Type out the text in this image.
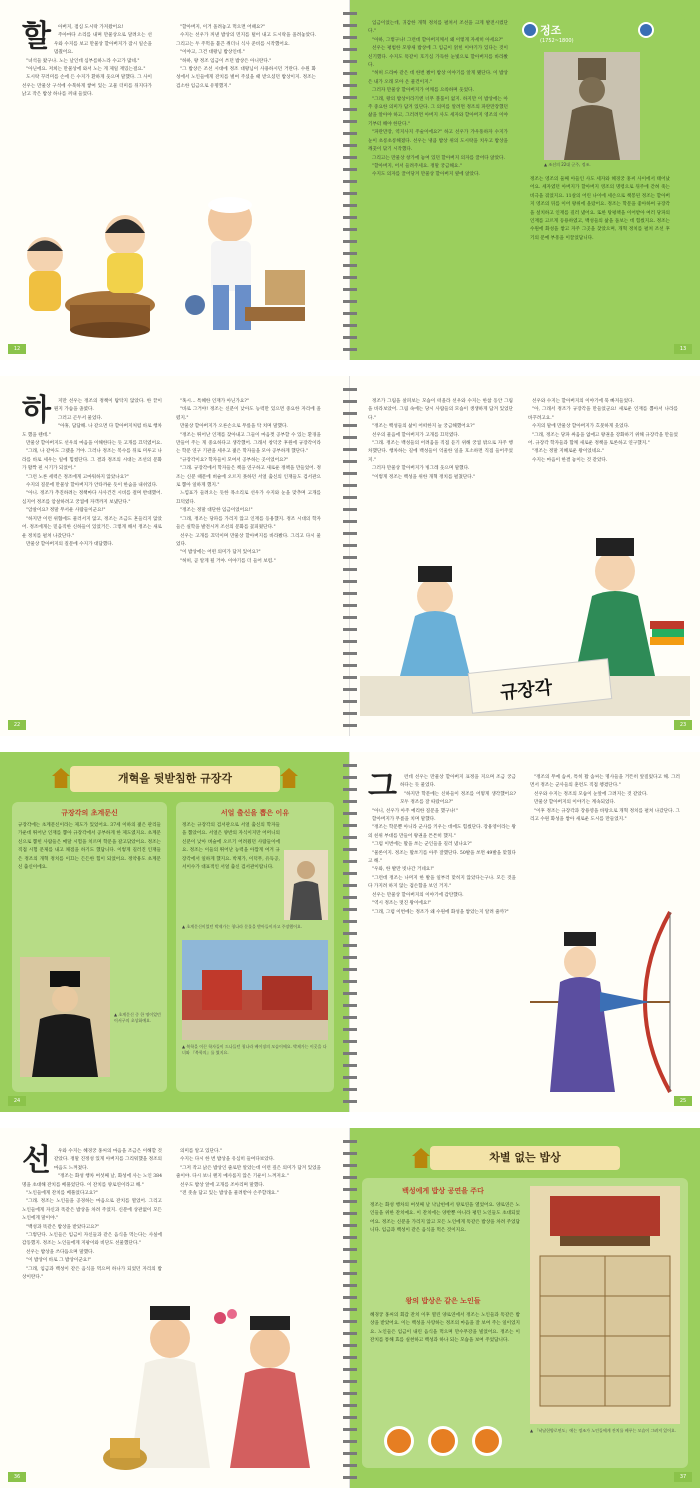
할	아버지, 점심 도시락 가져왔어요!

주아마다 소리를 내며 만물상으로 달려오는 선우와 수지를 보고 만물상 할아버지가 잠시 일손을 멈췄어요.

"녀석들 왔구나. 노는 날인데 심부름하느라 수고가 많네."

"아닌에요. 저희는 만물상에 와서 노는 게 제일 재밌는걸요."

도시락 꾸러미를 손에 든 수지가 환하게 웃으며 말했다. 그 사이 선우는 만물상 구석에 수북하게 쌓여 있는 고물 더미를 뒤지다가 낡고 작은 밥상 하나를 꺼내 들었다.

"할아버지, 이거 올려놓고 먹으면 어때요?"

수지는 선우가 꺼낸 밥상의 먼지를 털어 내고 도시락을 올려놓았다. 그리고는 두 주먹을 불끈 쥐더니 식사 준비를 시작했어요.

"이야고, 그건 대왕님 밥상인데."

"하하, 왕 정조 임금이 쓰던 밥상은 아니란다."

"그 밥상은 조선 시대에 정조 대왕님이 사용하시던 거란다. 수원 화성에서 노인들에게 잔치를 벌여 주셨을 때 받으셨던 밥상이지. 정조는 검소한 임금으로 유명했지."

12

입금이었는데, 귀감한 개혁 정치를 펼쳐서 조선을 크게 발전시켰단다."

"아하, 그렇구나! 그런데 할아버지께서 왜 이렇게 자세히 아세요?"

선우는 평범한 모양새 밥상에 그 임금이 얽힌 이야기가 있다는 것이 신기했다. 수지도 똑같이 호기심 가득한 눈빛으로 할아버지를 바라봤다.

"허허 드라마 같은 데 한번 봤어 밥상 이야기를 알게 됐단다. 이 밥상은 내가 오래 모아 온 물건이지."

그러자 만물상 할아버지가 어깨를 으쓱하며 웃었다.

"그래, 왕의 밥상이라기엔 너무 볼품이 없지. 하지만 이 밥상에는 아주 중요한 의미가 담겨 있단다. 그 의미를 알려면 정조의 파란만장했던 삶을 알아야 하고, 그러려면 아버지 사도 세자와 할아버지 영조의 이야기부터 해야 한단다."

"파란만장, 역지사지 주술이에요?" 하고 선우가 갸우뚱하자 수지가 눈이 초롱초롱해졌다. 선우는 냉큼 밥상 위의 도시락을 치우고 밥상을 깨끗이 닦기 시작했다.

그리고는 만물상 창가에 놓여 있던 할아버지 의자를 끌어다 앉았다.

"할아버지, 어서 들려주세요. 정말 궁금해요."

수지도 의자를 끌어당겨 만물상 할아버지 옆에 앉았다.

정조
(1752~1800)
▲ 조선의 22대 군주, 정조.
정조는 영조의 둘째 아들인 사도 세자와 혜경궁 홍씨 사이에서 태어났어요. 세자였던 아버지가 할아버지 영조의 명령으로 뒤주에 갇혀 죽는 비극을 겪었지요. 11살의 어린 나이에 세손으로 책봉된 정조는 할아버지 영조의 뒤를 이어 왕위에 올랐어요. 정조는 학문을 좋아하여 규장각을 설치하고 인재를 길러 냈어요. 또한 탕평책을 이어받아 여러 당파의 인재를 고르게 등용하였고, 백성들의 삶을 돌보는 데 힘썼지요. 정조는 수원에 화성을 쌓고 자주 그곳을 찾았으며, 개혁 정치를 펼쳐 조선 후기의 문예 부흥을 이끌었답니다.
13
하	지만 선우는 정조의 정책이 탐탁지 않았다. 한 끝이 뭔지 가슴을 졸였다.

그러고 곤두서 물었다.

"아휴, 답답해. 나 같으면 다 할아버지처럼 바로 행차도 했을 텐데."

만물상 할아버지도 선우의 마음을 이해한다는 듯 고개를 끄덕였어요.

"그래, 나 같아도 그랬을 거야. 그러나 정조는 복수를 뒤로 미루고 나라를 바로 세우는 일에 힘썼단다. 그 결과 정조의 시대는 조선의 문화가 활짝 핀 시기가 되었어."

"그런 노론 세력은 정조에게 고마워하지 않았나요?"

수지의 질문에 만물상 할아버지가 안타까운 듯이 한숨을 내쉬었다.

"아니. 정조가 추진하려는 정책마다 사사건건 시비를 걸며 반대했어. 심지어 정조를 암살하려고 궁궐에 자객까지 보냈단다."

"암살이요? 정말 무서운 사람들이군요!"

"하지만 이런 위협에도 물러서지 않고, 정조는 조금도 흔들리지 않았어. 정조에게는 믿음직한 신하들이 있었거든. 그렇게 해서 정조는 새로운 정치를 펼쳐 나갔단다."

만물상 할아버지의 질문에 수지가 대답했다.

"혹시… 특혜한 인재가 아닌가요?"

"바로 그거야! 정조는 신분이 낮아도 능력만 있으면 중요한 자리에 올렸지."

만물상 할아버지가 오른손으로 무릎을 탁 치며 말했다.

"정조는 뛰어난 인재를 찾아내고 그들이 마음껏 공부할 수 있는 환경을 만들어 주는 게 중요하다고 생각했어. 그래서 창덕궁 후원에 규장각이라는 학문 연구 기관을 세우고 젊은 학자들을 모아 공부하게 했단다."

"규장각이요? 학자들이 모여서 공부하는 곳이었어요?"

"그래. 규장각에서 학자들은 책을 연구하고 새로운 정책을 만들었어. 정조는 신분 때문에 벼슬에 오르지 못하던 서얼 출신의 인재들도 검서관으로 뽑아 일하게 했지."

느낌표가 들려오는 듯한 목소리로 선우가 수지와 눈을 맞추며 고개를 끄덕였다.

"정조는 정말 대단한 임금이었어요!"

"그래, 정조는 당파를 가리지 않고 인재를 등용했지. 정조 시대의 학자들은 실학을 발전시켜 조선의 문화를 꽃피웠단다."

선우는 고개를 끄덕이며 만물상 할아버지를 바라봤다. 그리고 다시 물었다.

"이 밥상에는 어떤 의미가 담겨 있어요?"

"허허, 곧 알게 될 거야. 이야기를 더 들어 보렴."

22

정조가 그림을 살펴보는 모습이 떠올라 선우와 수지는 한참 동안 그림을 바라보았어. 그림 속에는 당시 사람들의 모습이 생생하게 담겨 있었단다."

"정조는 백성들의 삶이 어떠한지 늘 궁금해했어요?"

선우의 물음에 할아버지가 고개를 끄덕였다.

"그래. 정조는 백성들의 어려움을 직접 듣기 위해 궁궐 밖으로 자주 행차했단다. 행차하는 길에 백성들이 억울한 일을 호소하면 직접 들어주었지."

그러자 만물상 할아버지가 빙그레 웃으며 말했다.

"이렇게 정조는 백성을 위한 개혁 정치를 펼쳤단다."

선우와 수지는 할아버지의 이야기에 푹 빠져들었다.

"아, 그래서 정조가 규장각을 만들었군요! 새로운 인재를 뽑아서 나라를 바꾸려고요."

수지의 말에 만물상 할아버지가 흐뭇하게 웃었다.

"그래, 정조는 당파 싸움을 없애고 왕권을 강화하기 위해 규장각을 만들었어. 규장각 학자들과 함께 새로운 정책을 토론하고 연구했지."

"정조는 정말 지혜로운 왕이었네요."

수지는 마음이 한결 놓이는 것 같았다.

규장각
23
개혁을 뒷받침한 규장각
규장각의 초계문신
규장각에는 초계문신이라는 제도가 있었어요. 37세 이하의 젊은 관리들 가운데 뛰어난 인재를 뽑아 규장각에서 공부하게 한 제도였지요. 초계문신으로 뽑힌 사람들은 매달 시험을 치르며 학문을 갈고닦았어요. 정조는 직접 시험 문제를 내고 채점을 하기도 했답니다. 이렇게 길러진 인재들은 정조의 개혁 정치를 이끄는 든든한 힘이 되었어요. 정약용도 초계문신 출신이에요.
▲ 초계문신 중 한 명이었던 이서구의 초상화예요.
서얼 출신을 뽑은 이유
정조는 규장각의 검서관으로 서얼 출신의 학자들을 뽑았어요. 서얼은 양반의 자식이지만 어머니의 신분이 낮아 벼슬에 오르기 어려웠던 사람들이에요. 정조는 이들의 뛰어난 능력을 아깝게 여겨 규장각에서 일하게 했지요. 박제가, 이덕무, 유득공, 서이수가 대표적인 서얼 출신 검서관이랍니다.
▲ 초계문신이었던 박제가는 청나라 문물을 받아들이자고 주장했어요.
▲ 북학을 이끈 학자들이 드나들던 청나라 베이징의 모습이에요. 박제가는 이곳을 다녀와 『북학의』를 썼지요.
24
그	런데 선우는 만물상 할아버지 표정을 지으며 조금 궁금하다는 듯 물었다.

"하지만 학문에는 신하들이 정조를 어떻게 생각했어요? 모두 정조를 잘 따랐어요?"

"아니, 선우가 아주 예리한 질문을 했구나!"

할아버지가 무릎을 치며 말했다.

"정조는 학문뿐 아니라 군사를 키우는 데에도 힘썼단다. 장용영이라는 왕의 친위 부대를 만들어 왕권을 튼튼히 했지."

"그럼 이번에는 활을 쏘는 군인들을 길러 냈나요?"

"물론이지. 정조는 활쏘기를 아주 잘했단다. 50발을 쏘면 49발을 맞혔다고 해."

"우와, 한 발만 빗나간 거네요!"

"그런데 정조는 나머지 한 발을 일부러 맞히지 않았다는구나. 모든 것을 다 가지려 하지 않는 겸손함을 보인 거지."

선우는 만물상 할아버지의 이야기에 감탄했다.

"역시 정조는 멋진 왕이에요!"

"그래, 그럼 이번에는 정조가 왜 수원에 화성을 쌓았는지 알려 줄까?"

"정조의 무예 솜씨, 특히 활 솜씨는 명사들을 거뜬히 앞질렀다고 해. 그러면서 정조는 군사들의 훈련도 직접 챙겼단다."

선우와 수지는 정조의 모습이 눈앞에 그려지는 것 같았다.

만물상 할아버지의 이야기는 계속되었다.

"이후 정조는 규장각과 장용영을 바탕으로 개혁 정치를 펼쳐 나갔단다. 그리고 수원 화성을 쌓아 새로운 도시를 만들었지."

25
선	우와 수지는 혜경궁 홍씨의 마음을 조금은 이해할 것 같았다. 정말 진정성 있게 아버지를 그리워했을 정조의 마음도 느껴졌다.

"정조는 화성 행차 여섯째 날, 화성에 사는 노인 384명을 초대해 잔치를 베풀었단다. 이 잔치를 양로연이라고 해."

"노인들에게 잔치를 베풀었다고요?"

"그래. 정조는 노인들을 공경하는 마음으로 잔치를 열었어. 그리고 노인들에게 자신과 똑같은 밥상을 차려 주었지. 신분에 상관없이 모든 노인에게 말이야."

"백성과 똑같은 밥상을 받았다고요?"

"그렇단다. 노인들은 임금이 자신들과 같은 음식을 먹는다는 사실에 감동했지. 정조는 노인들에게 지팡이와 비단도 선물했단다."

선우는 밥상을 쓰다듬으며 말했다.

"이 밥상이 바로 그 밥상이군요!"

"그래, 임금과 백성이 같은 음식을 먹으며 하나가 되었던 자리의 밥상이란다."

의미를 알고 있단다."

수지는 다시 한 번 밥상을 유심히 들여다보았다.

"그저 작고 낡은 밥상인 줄로만 알았는데 이런 깊은 의미가 담겨 있었을 줄이야. 다시 보니 왠지 예사롭지 않은 기운이 느껴져요."

선우도 밥상 앞에 고개를 조아리며 말했다.

"전 줏솔 담고 있는 밥상을 물려받아 손주할래요."

36
차별 없는 밥상
백성에게 밥상 공연을 주다
정조는 화성 행차의 여섯째 날 낙남헌에서 양로연을 열었어요. 양로연은 노인들을 위한 잔치예요. 이 잔치에는 양반뿐 아니라 평민 노인들도 초대되었어요. 정조는 신분을 가리지 않고 모든 노인에게 똑같은 밥상을 차려 주었답니다. 임금과 백성이 같은 음식을 먹은 것이지요.
왕의 밥상은 같은 노인들
혜경궁 홍씨의 회갑 잔치 이후 열린 양로연에서 정조는 노인들과 똑같은 밥상을 받았어요. 이는 백성을 사랑하는 정조의 마음을 잘 보여 주는 일이었지요. 노인들은 임금이 내린 음식을 먹으며 만수무강을 빌었어요. 정조는 이 잔치를 통해 효를 실천하고 백성과 하나 되는 모습을 보여 주었답니다.
▲ 「낙남헌양로연도」에는 정조가 노인들에게 잔치를 베푸는 모습이 그려져 있어요.
37
